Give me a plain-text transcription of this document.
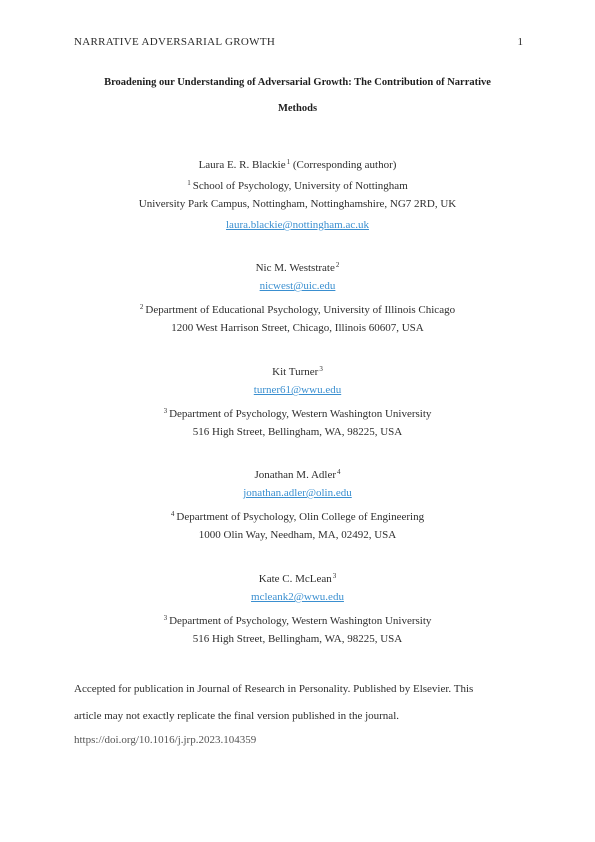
NARRATIVE ADVERSARIAL GROWTH	1
Broadening our Understanding of Adversarial Growth: The Contribution of Narrative
Methods
Laura E. R. Blackie$^1$ (Corresponding author)
$^1$ School of Psychology, University of Nottingham
University Park Campus, Nottingham, Nottinghamshire, NG7 2RD, UK
laura.blackie@nottingham.ac.uk
Nic M. Weststrate$^2$
nicwest@uic.edu
$^2$ Department of Educational Psychology, University of Illinois Chicago
1200 West Harrison Street, Chicago, Illinois 60607, USA
Kit Turner$^3$
turner61@wwu.edu
$^3$ Department of Psychology, Western Washington University
516 High Street, Bellingham, WA, 98225, USA
Jonathan M. Adler$^4$
jonathan.adler@olin.edu
$^4$ Department of Psychology, Olin College of Engineering
1000 Olin Way, Needham, MA, 02492, USA
Kate C. McLean$^3$
mcleank2@wwu.edu
$^3$ Department of Psychology, Western Washington University
516 High Street, Bellingham, WA, 98225, USA
Accepted for publication in Journal of Research in Personality. Published by Elsevier. This
article may not exactly replicate the final version published in the journal.
https://doi.org/10.1016/j.jrp.2023.104359
